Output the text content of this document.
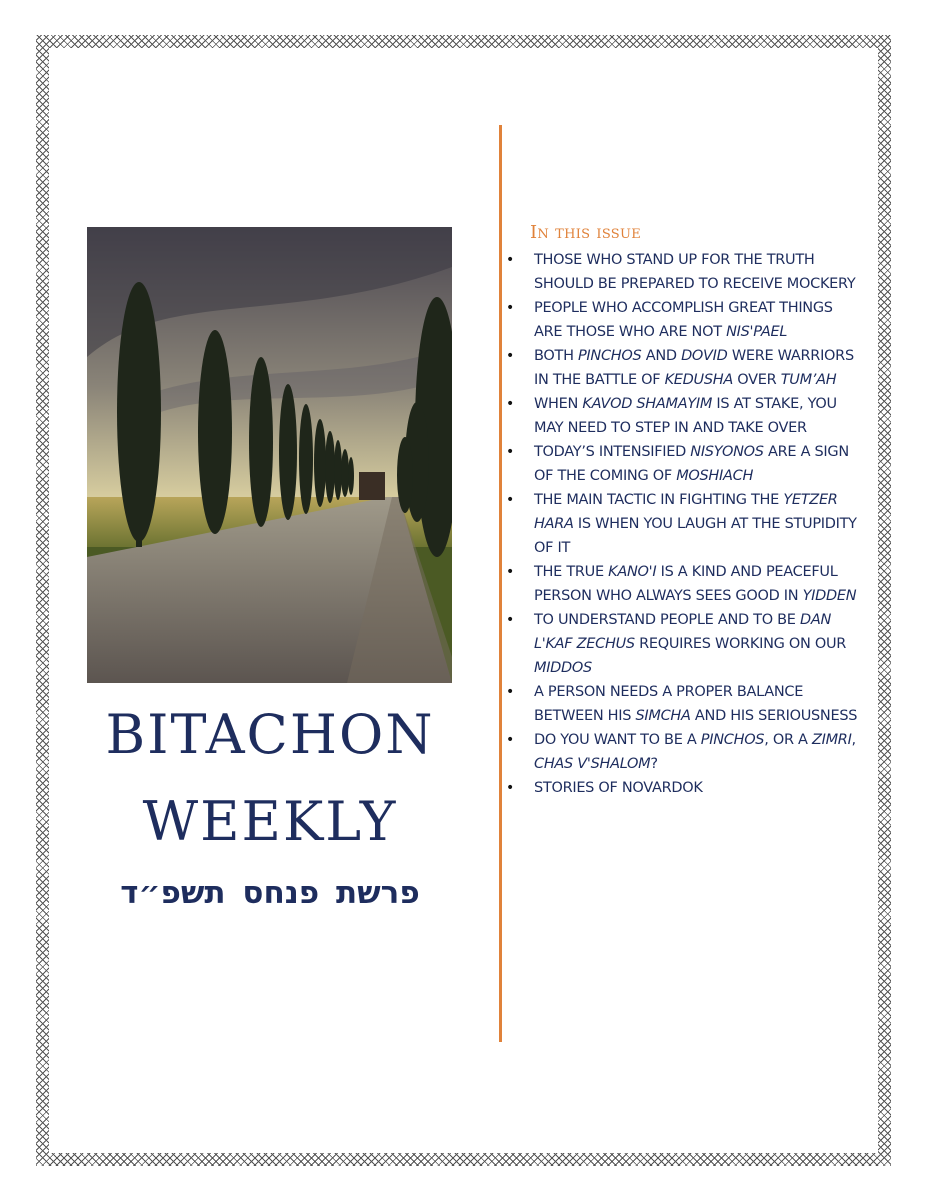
BITACHON
WEEKLY
פרשת פנחס תשפ״ד
In this issue
• THOSE WHO STAND UP FOR THE TRUTH SHOULD BE PREPARED TO RECEIVE MOCKERY
• PEOPLE WHO ACCOMPLISH GREAT THINGS ARE THOSE WHO ARE NOT NIS'PAEL
• BOTH PINCHOS AND DOVID WERE WARRIORS IN THE BATTLE OF KEDUSHA OVER TUM’AH
• WHEN KAVOD SHAMAYIM IS AT STAKE, YOU MAY NEED TO STEP IN AND TAKE OVER
• TODAY’S INTENSIFIED NISYONOS ARE A SIGN OF THE COMING OF MOSHIACH
• THE MAIN TACTIC IN FIGHTING THE YETZER HARA IS WHEN YOU LAUGH AT THE STUPIDITY OF IT
• THE TRUE KANO'I IS A KIND AND PEACEFUL PERSON WHO ALWAYS SEES GOOD IN YIDDEN
• TO UNDERSTAND PEOPLE AND TO BE DAN L'KAF ZECHUS REQUIRES WORKING ON OUR MIDDOS
• A PERSON NEEDS A PROPER BALANCE BETWEEN HIS SIMCHA AND HIS SERIOUSNESS
• DO YOU WANT TO BE A PINCHOS, OR A ZIMRI, CHAS V'SHALOM?
• STORIES OF NOVARDOK
